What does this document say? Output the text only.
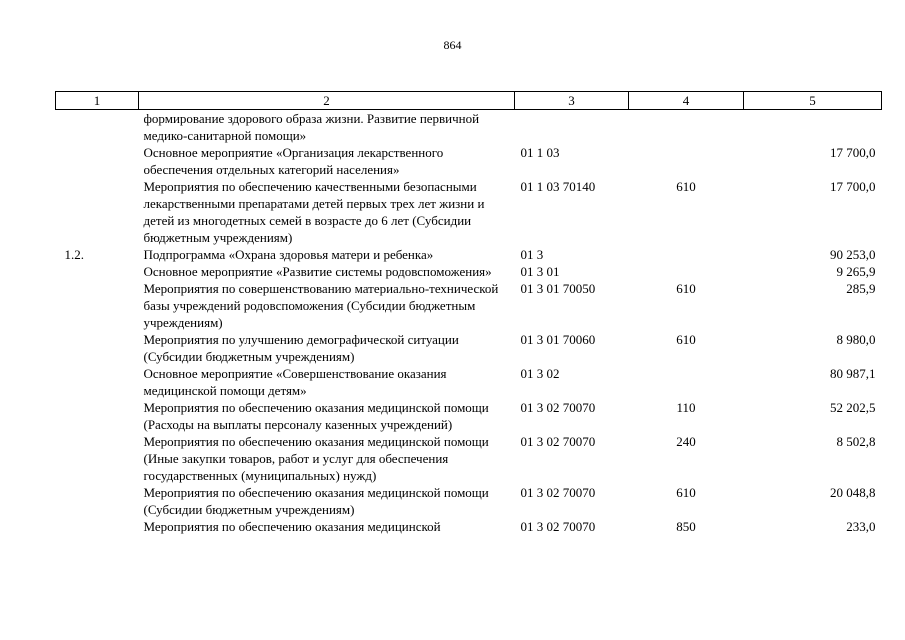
864
1	2	3	4	5
	формирование здорового образа жизни. Развитие первичной медико-санитарной помощи»			
	Основное мероприятие «Организация лекарственного обеспечения отдельных категорий населения»	01 1 03		17 700,0
	Мероприятия по обеспечению качественными безопасными лекарственными препаратами детей первых трех лет жизни и детей из многодетных семей в возрасте до 6 лет (Субсидии бюджетным учреждениям)	01 1 03 70140	610	17 700,0
1.2.	Подпрограмма «Охрана здоровья матери и ребенка»	01 3		90 253,0
	Основное мероприятие «Развитие системы родовспоможения»	01 3 01		9 265,9
	Мероприятия по совершенствованию материально-технической базы учреждений родовспоможения (Субсидии бюджетным учреждениям)	01 3 01 70050	610	285,9
	Мероприятия по улучшению демографической ситуации (Субсидии бюджетным учреждениям)	01 3 01 70060	610	8 980,0
	Основное мероприятие «Совершенствование оказания медицинской помощи детям»	01 3 02		80 987,1
	Мероприятия по обеспечению оказания медицинской помощи (Расходы на выплаты персоналу казенных учреждений)	01 3 02 70070	110	52 202,5
	Мероприятия по обеспечению оказания медицинской помощи (Иные закупки товаров, работ и услуг для обеспечения государственных (муниципальных) нужд)	01 3 02 70070	240	8 502,8
	Мероприятия по обеспечению оказания медицинской помощи (Субсидии бюджетным учреждениям)	01 3 02 70070	610	20 048,8
	Мероприятия по обеспечению оказания медицинской	01 3 02 70070	850	233,0
